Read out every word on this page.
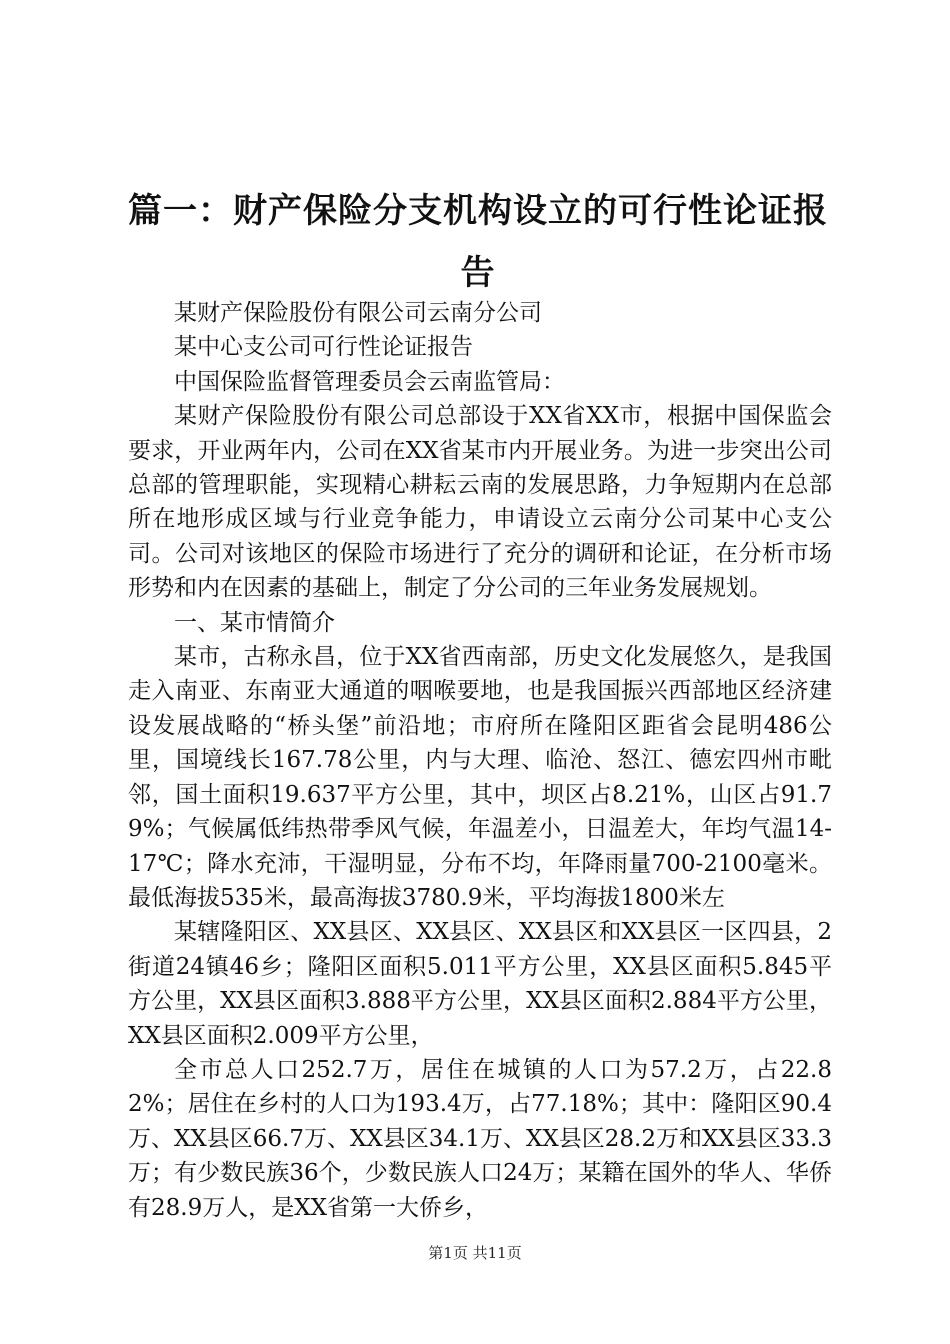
篇一：财产保险分支机构设立的可行性论证报告

某财产保险股份有限公司云南分公司

某中心支公司可行性论证报告

中国保险监督管理委员会云南监管局：

某财产保险股份有限公司总部设于XX省XX市，根据中国保监会要求，开业两年内，公司在XX省某市内开展业务。为进一步突出公司总部的管理职能，实现精心耕耘云南的发展思路，力争短期内在总部所在地形成区域与行业竞争能力，申请设立云南分公司某中心支公司。公司对该地区的保险市场进行了充分的调研和论证，在分析市场形势和内在因素的基础上，制定了分公司的三年业务发展规划。

一、某市情简介

某市，古称永昌，位于XX省西南部，历史文化发展悠久，是我国走入南亚、东南亚大通道的咽喉要地，也是我国振兴西部地区经济建设发展战略的“桥头堡”前沿地；市府所在隆阳区距省会昆明486公里，国境线长167.78公里，内与大理、临沧、怒江、德宏四州市毗邻，国土面积19.637平方公里，其中，坝区占8.21%，山区占91.79%；气候属低纬热带季风气候，年温差小，日温差大，年均气温14-17℃；降水充沛，干湿明显，分布不均，年降雨量700-2100毫米。最低海拔535米，最高海拔3780.9米，平均海拔1800米左

某辖隆阳区、XX县区、XX县区、XX县区和XX县区一区四县，2街道24镇46乡；隆阳区面积5.011平方公里，XX县区面积5.845平方公里，XX县区面积3.888平方公里，XX县区面积2.884平方公里，XX县区面积2.009平方公里，

全市总人口252.7万，居住在城镇的人口为57.2万，占22.82%；居住在乡村的人口为193.4万，占77.18%；其中：隆阳区90.4万、XX县区66.7万、XX县区34.1万、XX县区28.2万和XX县区33.3万；有少数民族36个，少数民族人口24万；某籍在国外的华人、华侨有28.9万人，是XX省第一大侨乡，

第1页 共11页
